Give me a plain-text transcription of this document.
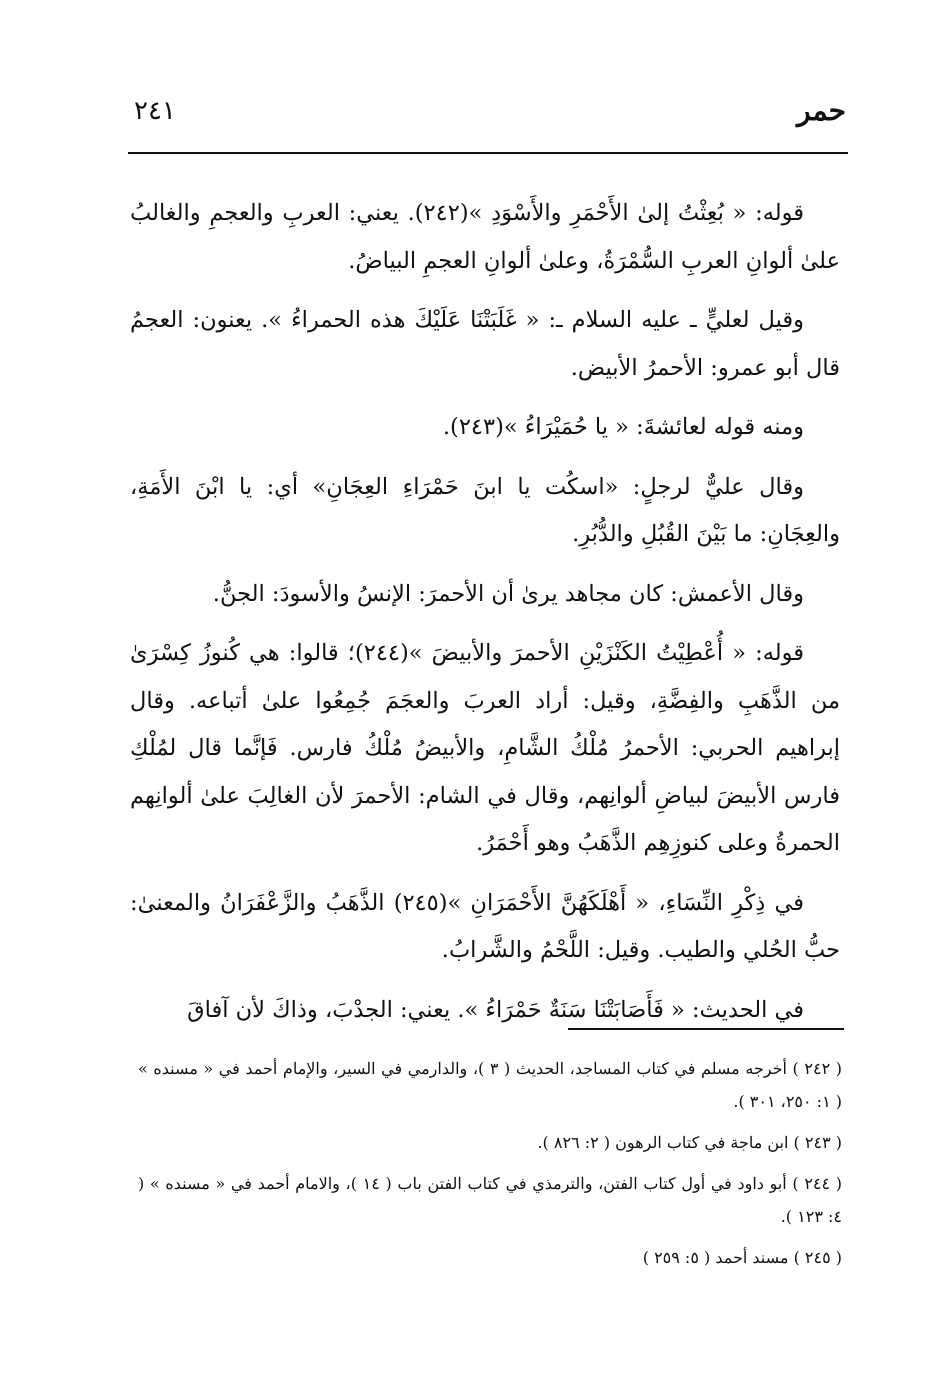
٢٤١	حمر

قوله: « بُعِثْتُ إلىٰ الأَحْمَرِ والأَسْوَدِ »(٢٤٢). يعني: العربِ والعجمِ والغالبُ علىٰ ألوانِ العربِ السُّمْرَةُ، وعلىٰ ألوانِ العجمِ البياضُ.

وقيل لعليٍّ ـ عليه السلام ـ: « غَلَبَتْنَا عَلَيْكَ هذه الحمراءُ ». يعنون: العجمُ قال أبو عمرو: الأحمرُ الأبيض.

ومنه قوله لعائشةَ: « يا حُمَيْرَاءُ »(٢٤٣).

وقال عليٌّ لرجلٍ: «اسكُت يا ابنَ حَمْرَاءِ العِجَانِ» أي: يا ابْنَ الأَمَةِ، والعِجَانِ: ما بَيْنَ القُبُلِ والدُّبُرِ.

وقال الأعمش: كان مجاهد يرىٰ أن الأحمرَ: الإنسُ والأسودَ: الجنُّ.

قوله: « أُعْطِيْتُ الكَنْزَيْنِ الأحمرَ والأبيضَ »(٢٤٤)؛ قالوا: هي كُنوزُ كِسْرَىٰ من الذَّهَبِ والفِضَّةِ، وقيل: أراد العربَ والعجَمَ جُمِعُوا علىٰ أتباعه. وقال إبراهيم الحربي: الأحمرُ مُلْكُ الشَّامِ، والأبيضُ مُلْكُ فارس. فَإنَّما قال لمُلْكِ فارس الأبيضَ لبياضِ ألوانِهم، وقال في الشام: الأحمرَ لأن الغالِبَ علىٰ ألوانِهم الحمرةُ وعلى كنوزِهِم الذَّهَبُ وهو أَحْمَرُ.

في ذِكْرِ النِّسَاءِ، « أَهْلَكَهُنَّ الأَحْمَرَانِ »(٢٤٥) الذَّهَبُ والزَّعْفَرَانُ والمعنىٰ: حبُّ الحُلي والطيب. وقيل: اللَّحْمُ والشَّرابُ.

في الحديث: « فَأَصَابَتْنَا سَنَةٌ حَمْرَاءُ ». يعني: الجدْبَ، وذاكَ لأن آفاقَ

( ٢٤٢ ) أخرجه مسلم في كتاب المساجد، الحديث ( ٣ )، والدارمي في السير، والإمام أحمد في « مسنده » ( ١: ٢٥٠، ٣٠١ ).

( ٢٤٣ ) ابن ماجة في كتاب الرهون ( ٢: ٨٢٦ ).

( ٢٤٤ ) أبو داود في أول كتاب الفتن، والترمذي في كتاب الفتن باب ( ١٤ )، والامام أحمد في « مسنده » ( ٤: ١٢٣ ).

( ٢٤٥ ) مسند أحمد ( ٥: ٢٥٩ )
